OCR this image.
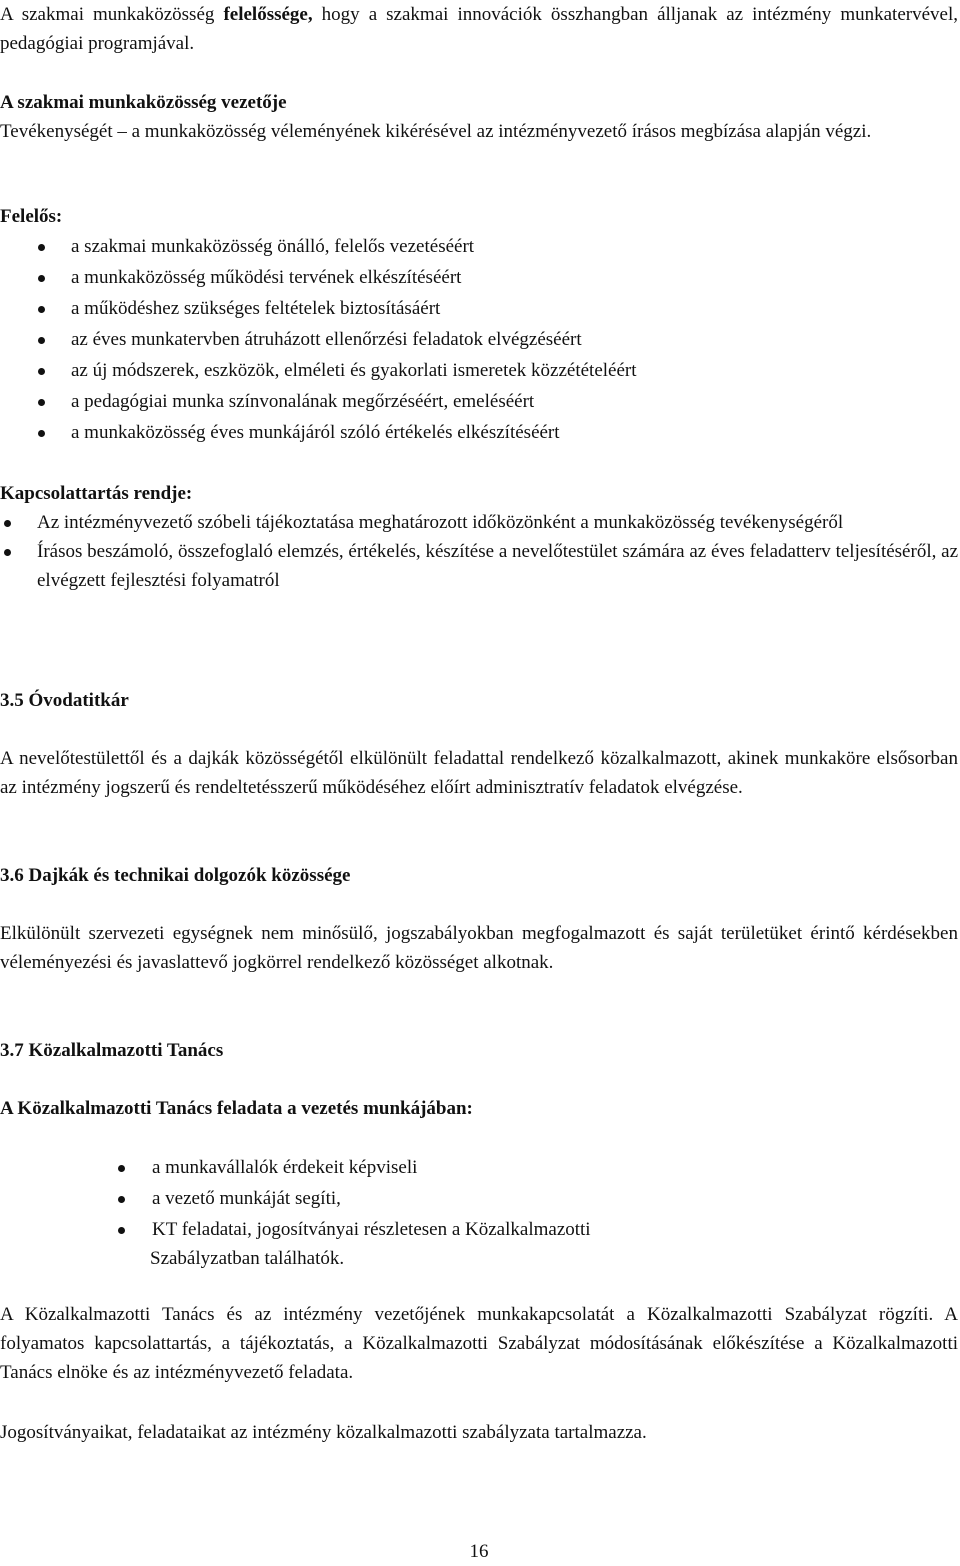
A szakmai munkaközösség felelőssége, hogy a szakmai innovációk összhangban álljanak az intézmény munkatervével, pedagógiai programjával.

A szakmai munkaközösség vezetője

Tevékenységét – a munkaközösség véleményének kikérésével az intézményvezető írásos megbízása alapján végzi.

Felelős:

a szakmai munkaközösség önálló, felelős vezetéséért
a munkaközösség működési tervének elkészítéséért
a működéshez szükséges feltételek biztosításáért
az éves munkatervben átruházott ellenőrzési feladatok elvégzéséért
az új módszerek, eszközök, elméleti és gyakorlati ismeretek közzétételéért
a pedagógiai munka színvonalának megőrzéséért, emeléséért
a munkaközösség éves munkájáról szóló értékelés elkészítéséért

Kapcsolattartás rendje:

Az intézményvezető szóbeli tájékoztatása meghatározott időközönként a munkaközösség tevékenységéről
Írásos beszámoló, összefoglaló elemzés, értékelés, készítése a nevelőtestület számára az éves feladatterv teljesítéséről, az elvégzett fejlesztési folyamatról

3.5 Óvodatitkár

A nevelőtestülettől és a dajkák közösségétől elkülönült feladattal rendelkező közalkalmazott, akinek munkaköre elsősorban az intézmény jogszerű és rendeltetésszerű működéséhez előírt adminisztratív feladatok elvégzése.

3.6 Dajkák és technikai dolgozók közössége

Elkülönült szervezeti egységnek nem minősülő, jogszabályokban megfogalmazott és saját területüket érintő kérdésekben véleményezési és javaslattevő jogkörrel rendelkező közösséget alkotnak.

3.7 Közalkalmazotti Tanács

A Közalkalmazotti Tanács feladata a vezetés munkájában:

a munkavállalók érdekeit képviseli
a vezető munkáját segíti,
KT feladatai, jogosítványai részletesen a Közalkalmazotti

Szabályzatban találhatók.

A Közalkalmazotti Tanács és az intézmény vezetőjének munkakapcsolatát a Közalkalmazotti Szabályzat rögzíti. A folyamatos kapcsolattartás, a tájékoztatás, a Közalkalmazotti Szabályzat módosításának előkészítése a Közalkalmazotti Tanács elnöke és az intézményvezető feladata.

Jogosítványaikat, feladataikat az intézmény közalkalmazotti szabályzata tartalmazza.

16
